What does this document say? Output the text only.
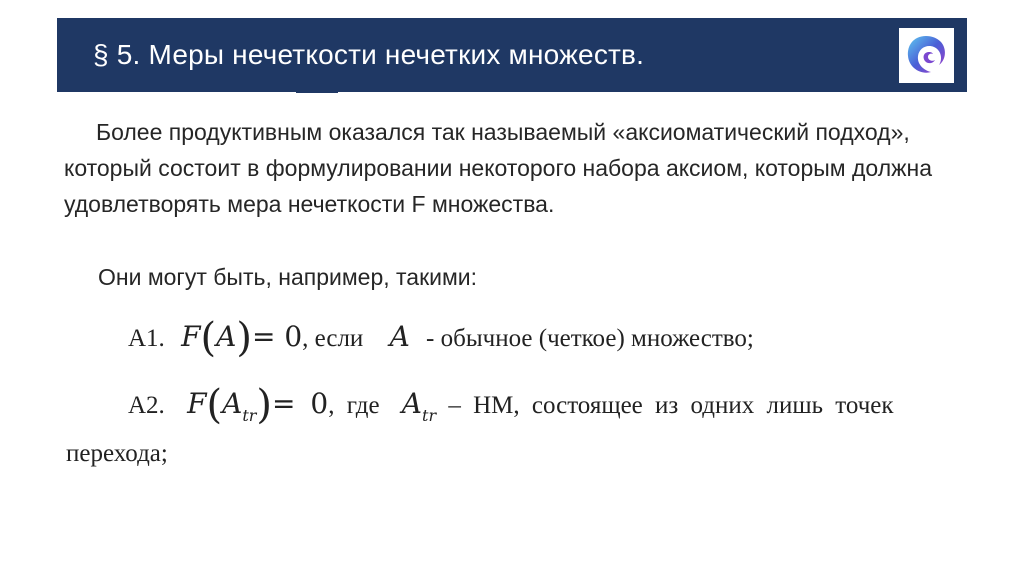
§ 5. Меры нечеткости нечетких множеств.
Более продуктивным оказался так называемый «аксиоматический подход», который состоит в формулировании некоторого набора аксиом, которым должна удовлетворять мера нечеткости F множества.
Они могут быть, например, такими:
А1. F(A)= 0, если A - обычное (четкое) множество;
А2. $F(A_{tr})= 0$, где $A_{tr}$ – НМ, состоящее из одних лишь точек
перехода;
